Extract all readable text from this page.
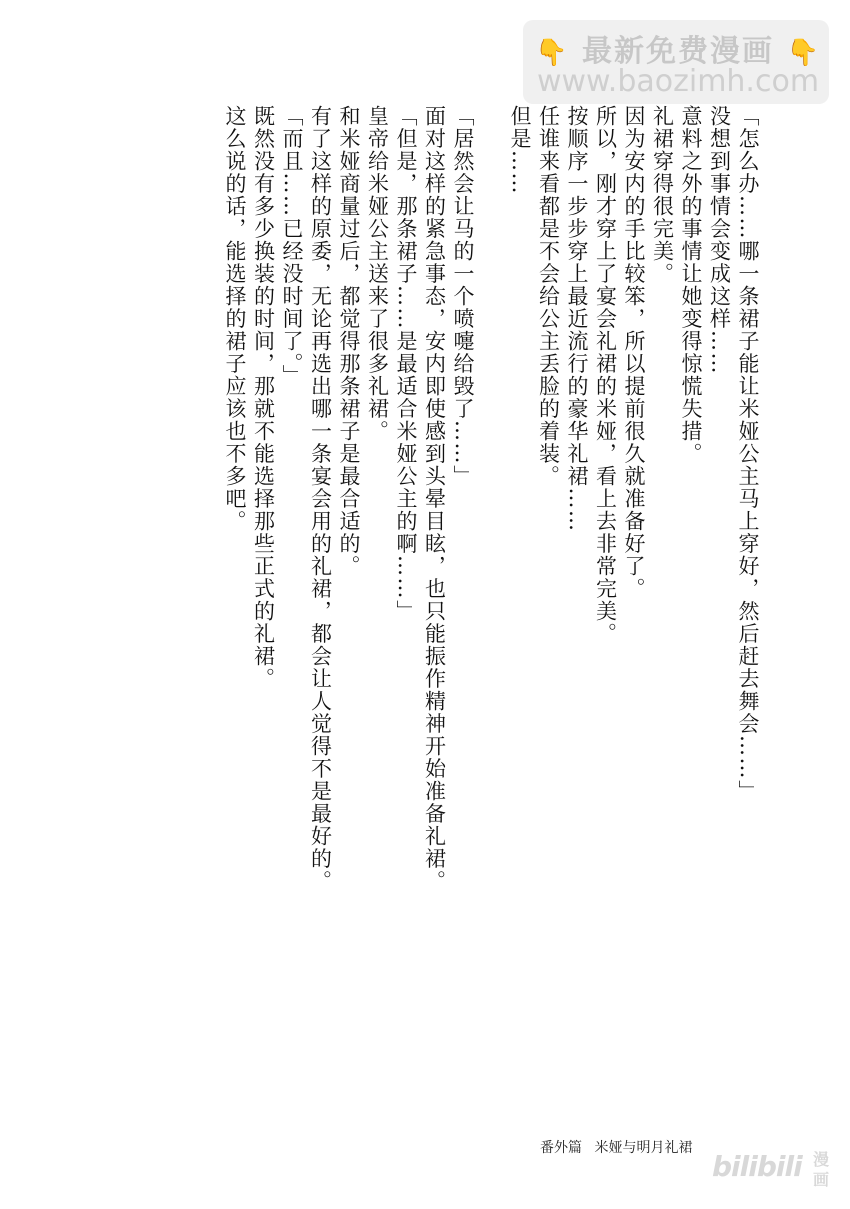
👇 最新免费漫画 👇
www.baozimh.com
「怎么办……哪一条裙子能让米娅公主马上穿好，然后赶去舞会……」
没想到事情会变成这样……
意料之外的事情让她变得惊慌失措。
礼裙穿得很完美。
因为安内的手比较笨，所以提前很久就准备好了。
所以，刚才穿上了宴会礼裙的米娅，看上去非常完美。
按顺序一步步穿上最近流行的豪华礼裙……
任谁来看都是不会给公主丢脸的着装。
但是……
「居然会让马的一个喷嚏给毁了……」
面对这样的紧急事态，安内即使感到头晕目眩，也只能振作精神开始准备礼裙。
「但是，那条裙子……是最适合米娅公主的啊……」
皇帝给米娅公主送来了很多礼裙。
和米娅商量过后，都觉得那条裙子是最合适的。
有了这样的原委，无论再选出哪一条宴会用的礼裙，都会让人觉得不是最好的。
「而且……已经没时间了。」
既然没有多少换装的时间，那就不能选择那些正式的礼裙。
这么说的话，能选择的裙子应该也不多吧。
番外篇 米娅与明月礼裙
bilibili 漫画
